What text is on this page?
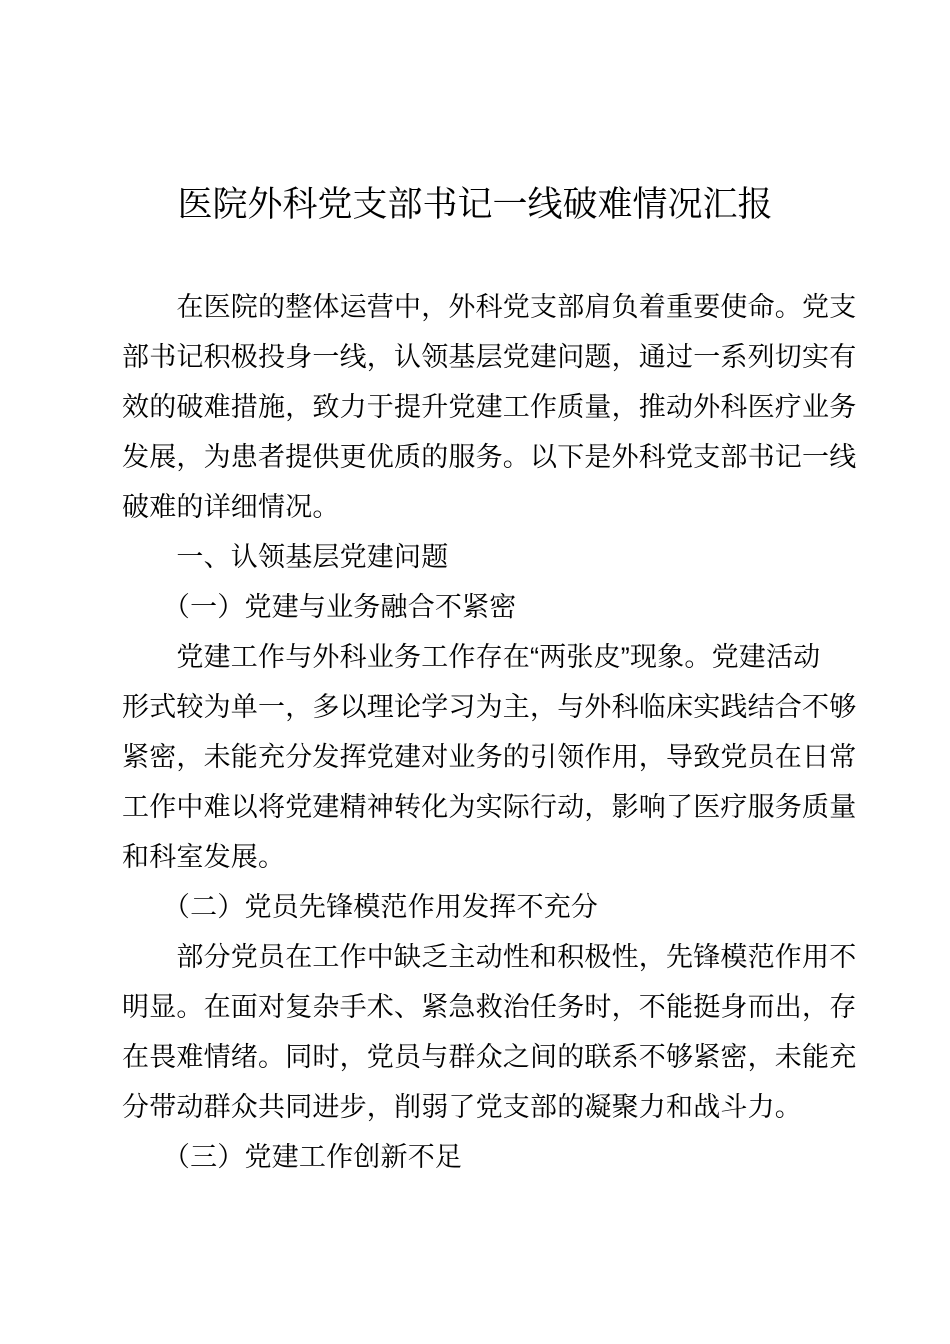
医院外科党支部书记一线破难情况汇报

　　在医院的整体运营中，外科党支部肩负着重要使命。党支

部书记积极投身一线，认领基层党建问题，通过一系列切实有

效的破难措施，致力于提升党建工作质量，推动外科医疗业务

发展，为患者提供更优质的服务。以下是外科党支部书记一线

破难的详细情况。

　　一、认领基层党建问题

　　（一）党建与业务融合不紧密

　　党建工作与外科业务工作存在“两张皮”现象。党建活动

形式较为单一，多以理论学习为主，与外科临床实践结合不够

紧密，未能充分发挥党建对业务的引领作用，导致党员在日常

工作中难以将党建精神转化为实际行动，影响了医疗服务质量

和科室发展。

　　（二）党员先锋模范作用发挥不充分

　　部分党员在工作中缺乏主动性和积极性，先锋模范作用不

明显。在面对复杂手术、紧急救治任务时，不能挺身而出，存

在畏难情绪。同时，党员与群众之间的联系不够紧密，未能充

分带动群众共同进步，削弱了党支部的凝聚力和战斗力。

　　（三）党建工作创新不足
